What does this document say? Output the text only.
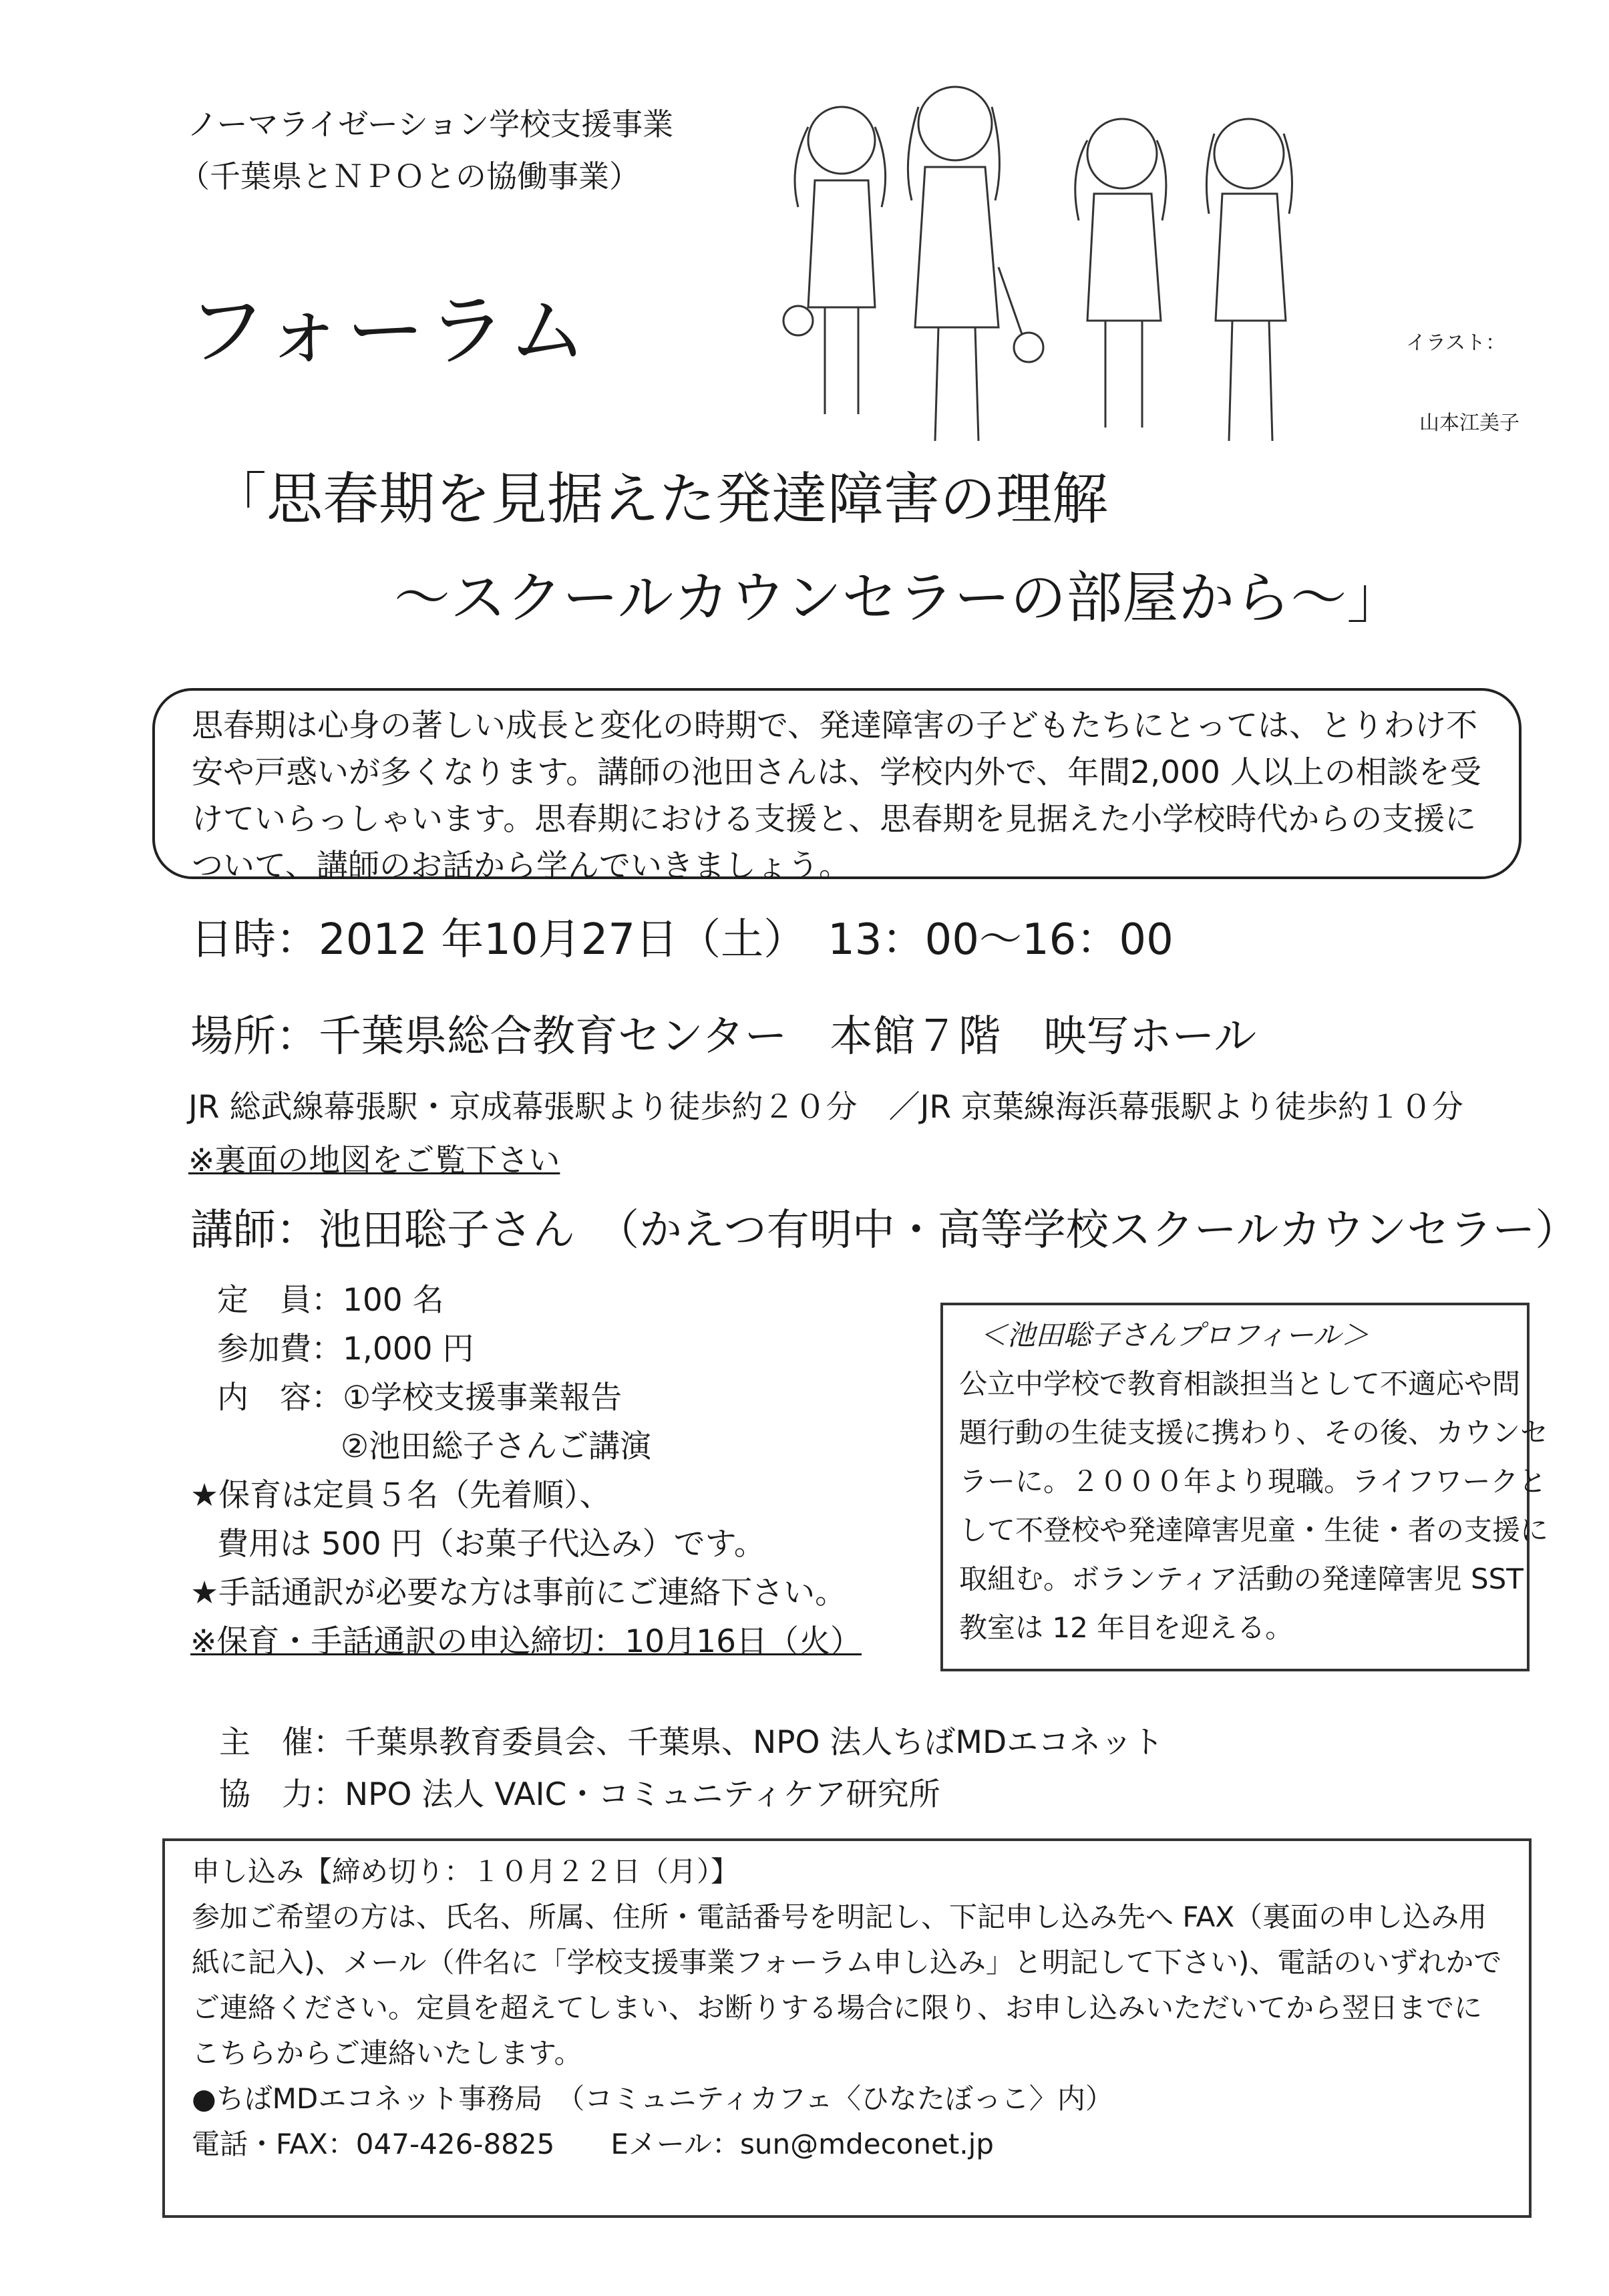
ノーマライゼーション学校支援事業
（千葉県とＮＰＯとの協働事業）
フォーラム	イラスト：
山本江美子
「思春期を見据えた発達障害の理解
～スクールカウンセラーの部屋から～」

思春期は心身の著しい成長と変化の時期で、発達障害の子どもたちにとっては、とりわけ不安や戸惑いが多くなります。講師の池田さんは、学校内外で、年間2,000 人以上の相談を受けていらっしゃいます。思春期における支援と、思春期を見据えた小学校時代からの支援について、講師のお話から学んでいきましょう。

日時：2012 年10月27日（土）　13：00～16：00
場所：千葉県総合教育センター　本館７階　映写ホール
JR 総武線幕張駅・京成幕張駅より徒歩約２０分　／JR 京葉線海浜幕張駅より徒歩約１０分
※裏面の地図をご覧下さい
講師：池田聡子さん　（かえつ有明中・高等学校スクールカウンセラー）
定　員：100 名
参加費：1,000 円
内　容：①学校支援事業報告
②池田総子さんご講演
★保育は定員５名（先着順）、
費用は 500 円（お菓子代込み）です。
★手話通訳が必要な方は事前にご連絡下さい。
※保育・手話通訳の申込締切：10月16日（火）
＜池田聡子さんプロフィール＞
公立中学校で教育相談担当として不適応や問
題行動の生徒支援に携わり、その後、カウンセ
ラーに。２０００年より現職。ライフワークと
して不登校や発達障害児童・生徒・者の支援に
取組む。ボランティア活動の発達障害児 SST
教室は 12 年目を迎える。
主　催：千葉県教育委員会、千葉県、NPO 法人ちばMDエコネット
協　力：NPO 法人 VAIC・コミュニティケア研究所
申し込み【締め切り：１０月２２日（月）】
参加ご希望の方は、氏名、所属、住所・電話番号を明記し、下記申し込み先へ FAX（裏面の申し込み用紙に記入)、メール（件名に「学校支援事業フォーラム申し込み」と明記して下さい)、電話のいずれかでご連絡ください。定員を超えてしまい、お断りする場合に限り、お申し込みいただいてから翌日までにこちらからご連絡いたします。
●ちばMDエコネット事務局　（コミュニティカフェ〈ひなたぼっこ〉内）
電話・FAX：047-426-8825　　Eメール：sun@mdeconet.jp
